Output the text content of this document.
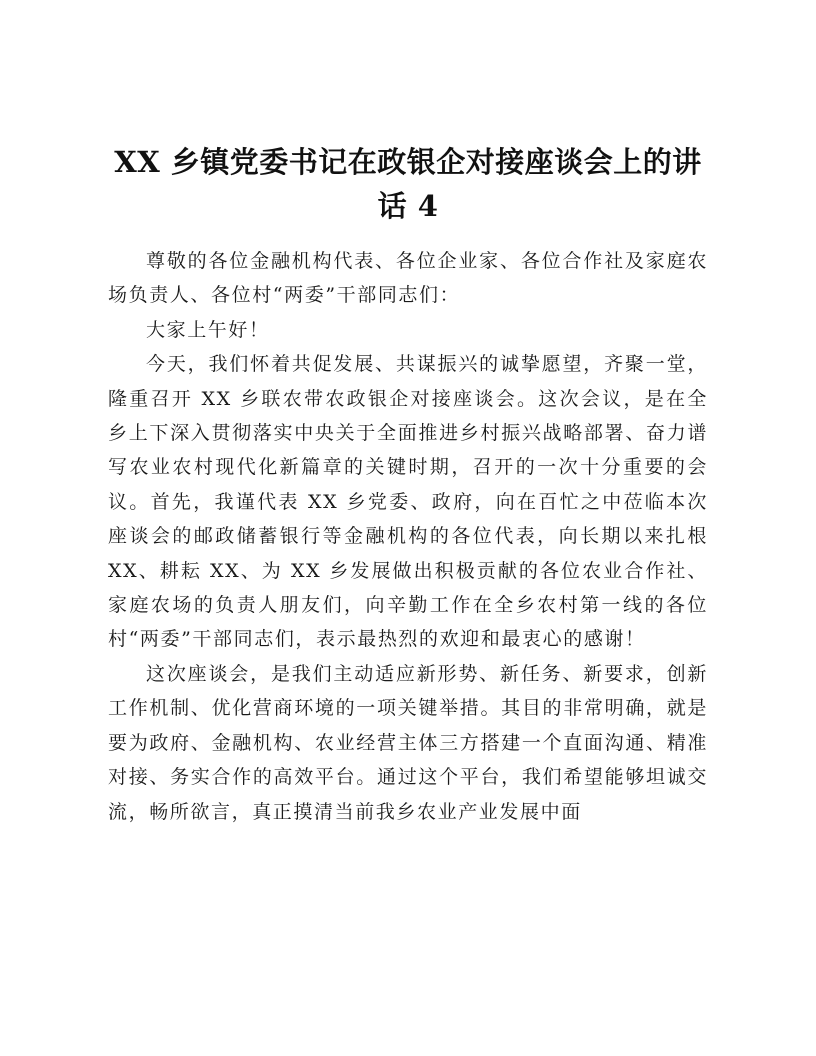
XX 乡镇党委书记在政银企对接座谈会上的讲话 4

尊敬的各位金融机构代表、各位企业家、各位合作社及家庭农场负责人、各位村“两委”干部同志们：

大家上午好！

今天，我们怀着共促发展、共谋振兴的诚挚愿望，齐聚一堂，隆重召开 XX 乡联农带农政银企对接座谈会。这次会议，是在全乡上下深入贯彻落实中央关于全面推进乡村振兴战略部署、奋力谱写农业农村现代化新篇章的关键时期，召开的一次十分重要的会议。首先，我谨代表 XX 乡党委、政府，向在百忙之中莅临本次座谈会的邮政储蓄银行等金融机构的各位代表，向长期以来扎根 XX、耕耘 XX、为 XX 乡发展做出积极贡献的各位农业合作社、家庭农场的负责人朋友们，向辛勤工作在全乡农村第一线的各位村“两委”干部同志们，表示最热烈的欢迎和最衷心的感谢！

这次座谈会，是我们主动适应新形势、新任务、新要求，创新工作机制、优化营商环境的一项关键举措。其目的非常明确，就是要为政府、金融机构、农业经营主体三方搭建一个直面沟通、精准对接、务实合作的高效平台。通过这个平台，我们希望能够坦诚交流，畅所欲言，真正摸清当前我乡农业产业发展中面
